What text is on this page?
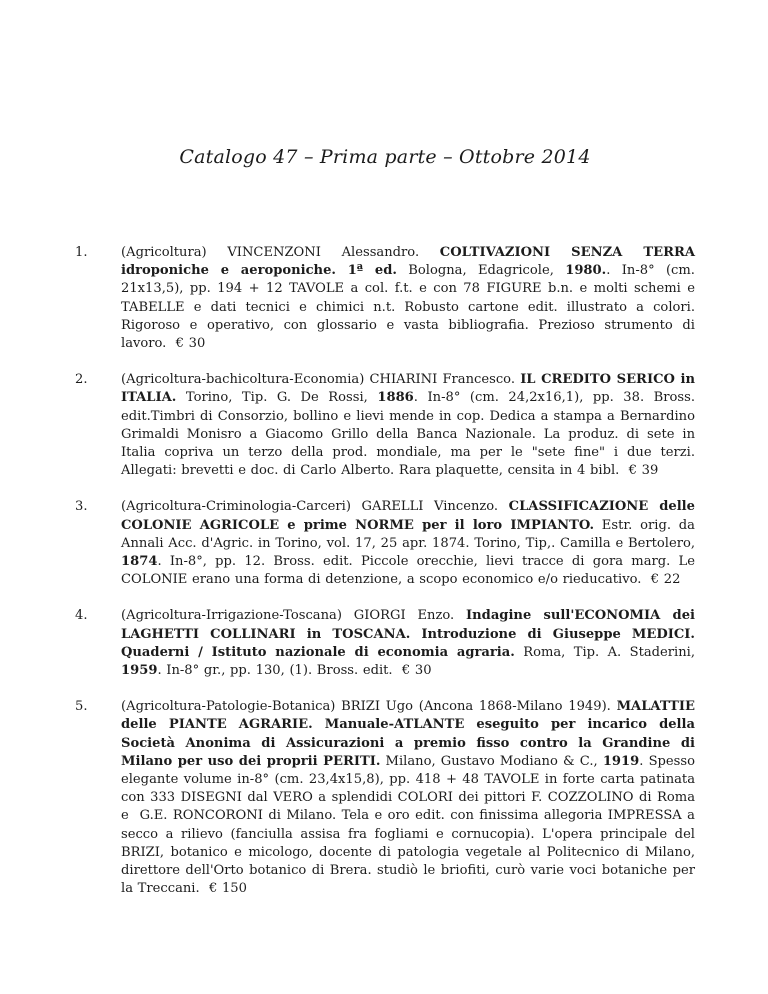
Catalogo 47 – Prima parte – Ottobre 2014
1.	(Agricoltura) VINCENZONI Alessandro. COLTIVAZIONI SENZA TERRA idroponiche e aeroponiche. 1ª ed. Bologna, Edagricole, 1980.. In-8° (cm. 21x13,5), pp. 194 + 12 TAVOLE a col. f.t. e con 78 FIGURE b.n. e molti schemi e TABELLE e dati tecnici e chimici n.t. Robusto cartone edit. illustrato a colori. Rigoroso e operativo, con glossario e vasta bibliografia. Prezioso strumento di lavoro.  € 30
2.	(Agricoltura-bachicoltura-Economia) CHIARINI Francesco. IL CREDITO SERICO in ITALIA. Torino, Tip. G. De Rossi, 1886. In-8° (cm. 24,2x16,1), pp. 38. Bross. edit.Timbri di Consorzio, bollino e lievi mende in cop. Dedica a stampa a Bernardino Grimaldi Monisro a Giacomo Grillo della Banca Nazionale. La produz. di sete in Italia copriva un terzo della prod. mondiale, ma per le "sete fine" i due terzi. Allegati: brevetti e doc. di Carlo Alberto. Rara plaquette, censita in 4 bibl.  € 39
3.	(Agricoltura-Criminologia-Carceri) GARELLI Vincenzo. CLASSIFICAZIONE delle COLONIE AGRICOLE e prime NORME per il loro IMPIANTO. Estr. orig. da Annali Acc. d'Agric. in Torino, vol. 17, 25 apr. 1874. Torino, Tip,. Camilla e Bertolero, 1874. In-8°, pp. 12. Bross. edit. Piccole orecchie, lievi tracce di gora marg. Le COLONIE erano una forma di detenzione, a scopo economico e/o rieducativo.  € 22
4.	(Agricoltura-Irrigazione-Toscana) GIORGI Enzo. Indagine sull'ECONOMIA dei LAGHETTI COLLINARI in TOSCANA. Introduzione di Giuseppe MEDICI. Quaderni / Istituto nazionale di economia agraria. Roma, Tip. A. Staderini, 1959. In-8° gr., pp. 130, (1). Bross. edit.  € 30
5.	(Agricoltura-Patologie-Botanica) BRIZI Ugo (Ancona 1868-Milano 1949). MALATTIE delle PIANTE AGRARIE. Manuale-ATLANTE eseguito per incarico della Società Anonima di Assicurazioni a premio fisso contro la Grandine di Milano per uso dei proprii PERITI. Milano, Gustavo Modiano & C., 1919. Spesso elegante volume in-8° (cm. 23,4x15,8), pp. 418 + 48 TAVOLE in forte carta patinata con 333 DISEGNI dal VERO a splendidi COLORI dei pittori F. COZZOLINO di Roma e  G.E. RONCORONI di Milano. Tela e oro edit. con finissima allegoria IMPRESSA a secco a rilievo (fanciulla assisa fra fogliami e cornucopia). L'opera principale del BRIZI, botanico e micologo, docente di patologia vegetale al Politecnico di Milano, direttore dell'Orto botanico di Brera. studiò le briofiti, curò varie voci botaniche per la Treccani.  € 150
